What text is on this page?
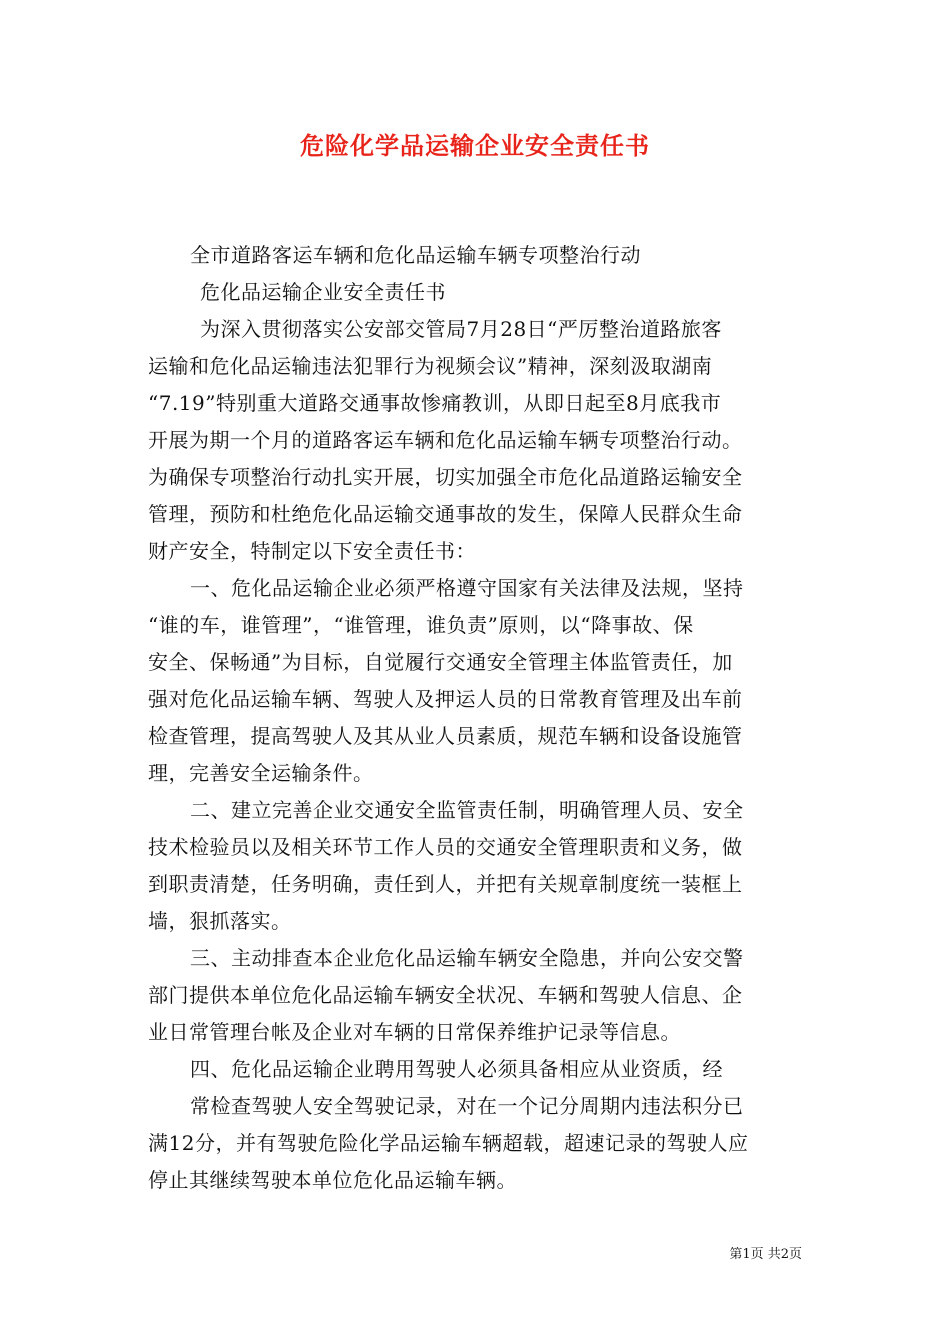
危险化学品运输企业安全责任书
全市道路客运车辆和危化品运输车辆专项整治行动
危化品运输企业安全责任书
为深入贯彻落实公安部交管局7月28日“严厉整治道路旅客
运输和危化品运输违法犯罪行为视频会议”精神，深刻汲取湖南
“7.19”特别重大道路交通事故惨痛教训，从即日起至8月底我市
开展为期一个月的道路客运车辆和危化品运输车辆专项整治行动。
为确保专项整治行动扎实开展，切实加强全市危化品道路运输安全
管理，预防和杜绝危化品运输交通事故的发生，保障人民群众生命
财产安全，特制定以下安全责任书：
一、危化品运输企业必须严格遵守国家有关法律及法规，坚持
“谁的车，谁管理”，“谁管理，谁负责”原则，以“降事故、保
安全、保畅通”为目标，自觉履行交通安全管理主体监管责任，加
强对危化品运输车辆、驾驶人及押运人员的日常教育管理及出车前
检查管理，提高驾驶人及其从业人员素质，规范车辆和设备设施管
理，完善安全运输条件。
二、建立完善企业交通安全监管责任制，明确管理人员、安全
技术检验员以及相关环节工作人员的交通安全管理职责和义务，做
到职责清楚，任务明确，责任到人，并把有关规章制度统一装框上
墙，狠抓落实。
三、主动排查本企业危化品运输车辆安全隐患，并向公安交警
部门提供本单位危化品运输车辆安全状况、车辆和驾驶人信息、企
业日常管理台帐及企业对车辆的日常保养维护记录等信息。
四、危化品运输企业聘用驾驶人必须具备相应从业资质，经
常检查驾驶人安全驾驶记录，对在一个记分周期内违法积分已
满12分，并有驾驶危险化学品运输车辆超载，超速记录的驾驶人应
停止其继续驾驶本单位危化品运输车辆。
第1页 共2页
